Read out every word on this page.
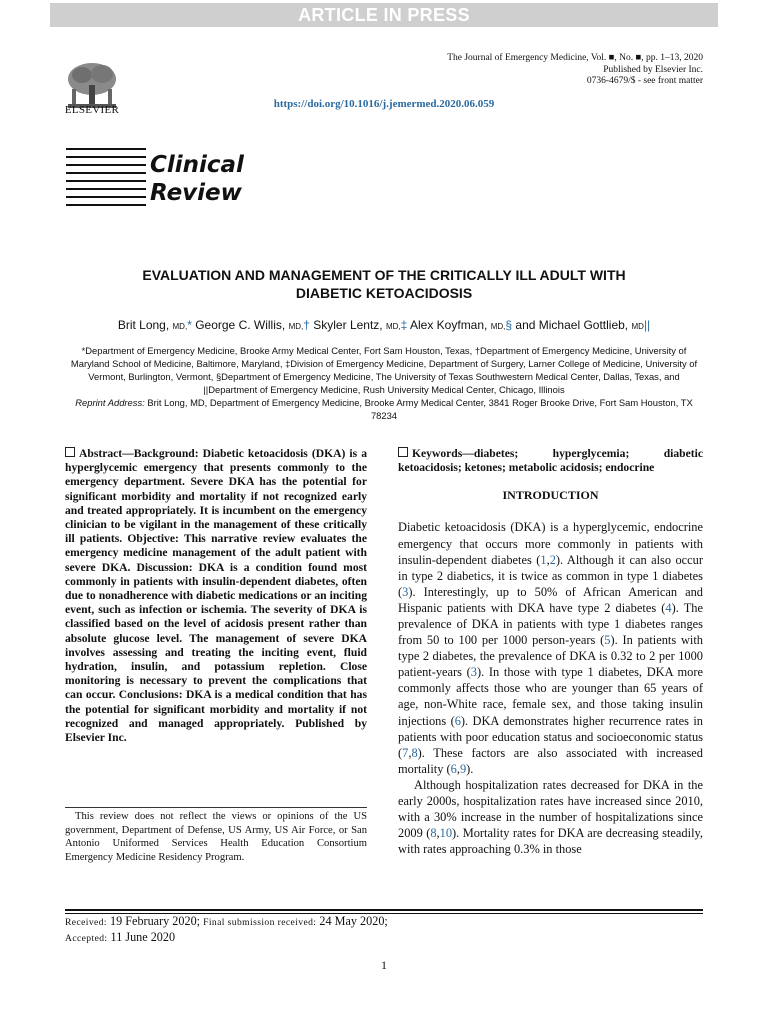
ARTICLE IN PRESS
ELSEVIER
The Journal of Emergency Medicine, Vol. ■, No. ■, pp. 1–13, 2020
Published by Elsevier Inc.
0736-4679/$ - see front matter
https://doi.org/10.1016/j.jemermed.2020.06.059
Clinical
Review
EVALUATION AND MANAGEMENT OF THE CRITICALLY ILL ADULT WITH
DIABETIC KETOACIDOSIS
Brit Long, MD,* George C. Willis, MD,† Skyler Lentz, MD,‡ Alex Koyfman, MD,§ and Michael Gottlieb, MD||
*Department of Emergency Medicine, Brooke Army Medical Center, Fort Sam Houston, Texas, †Department of Emergency Medicine, University of Maryland School of Medicine, Baltimore, Maryland, ‡Division of Emergency Medicine, Department of Surgery, Larner College of Medicine, University of Vermont, Burlington, Vermont, §Department of Emergency Medicine, The University of Texas Southwestern Medical Center, Dallas, Texas, and ||Department of Emergency Medicine, Rush University Medical Center, Chicago, Illinois
Reprint Address: Brit Long, MD, Department of Emergency Medicine, Brooke Army Medical Center, 3841 Roger Brooke Drive, Fort Sam Houston, TX 78234

Abstract—Background: Diabetic ketoacidosis (DKA) is a hyperglycemic emergency that presents commonly to the emergency department. Severe DKA has the potential for significant morbidity and mortality if not recognized early and treated appropriately. It is incumbent on the emergency clinician to be vigilant in the management of these critically ill patients. Objective: This narrative review evaluates the emergency medicine management of the adult patient with severe DKA. Discussion: DKA is a condition found most commonly in patients with insulin-dependent diabetes, often due to nonadherence with diabetic medications or an inciting event, such as infection or ischemia. The severity of DKA is classified based on the level of acidosis present rather than absolute glucose level. The management of severe DKA involves assessing and treating the inciting event, fluid hydration, insulin, and potassium repletion. Close monitoring is necessary to prevent the complications that can occur. Conclusions: DKA is a medical condition that has the potential for significant morbidity and mortality if not recognized and managed appropriately. Published by Elsevier Inc.

Keywords—diabetes; hyperglycemia; diabetic ketoacidosis; ketones; metabolic acidosis; endocrine

INTRODUCTION

Diabetic ketoacidosis (DKA) is a hyperglycemic, endocrine emergency that occurs more commonly in patients with insulin-dependent diabetes (1,2). Although it can also occur in type 2 diabetics, it is twice as common in type 1 diabetes (3). Interestingly, up to 50% of African American and Hispanic patients with DKA have type 2 diabetes (4). The prevalence of DKA in patients with type 1 diabetes ranges from 50 to 100 per 1000 person-years (5). In patients with type 2 diabetes, the prevalence of DKA is 0.32 to 2 per 1000 patient-years (3). In those with type 1 diabetes, DKA more commonly affects those who are younger than 65 years of age, non-White race, female sex, and those taking insulin injections (6). DKA demonstrates higher recurrence rates in patients with poor education status and socioeconomic status (7,8). These factors are also associated with increased mortality (6,9).

Although hospitalization rates decreased for DKA in the early 2000s, hospitalization rates have increased since 2010, with a 30% increase in the number of hospitalizations since 2009 (8,10). Mortality rates for DKA are decreasing steadily, with rates approaching 0.3% in those

This review does not reflect the views or opinions of the US government, Department of Defense, US Army, US Air Force, or San Antonio Uniformed Services Health Education Consortium Emergency Medicine Residency Program.

Received: 19 February 2020; Final submission received: 24 May 2020;
Accepted: 11 June 2020
1
